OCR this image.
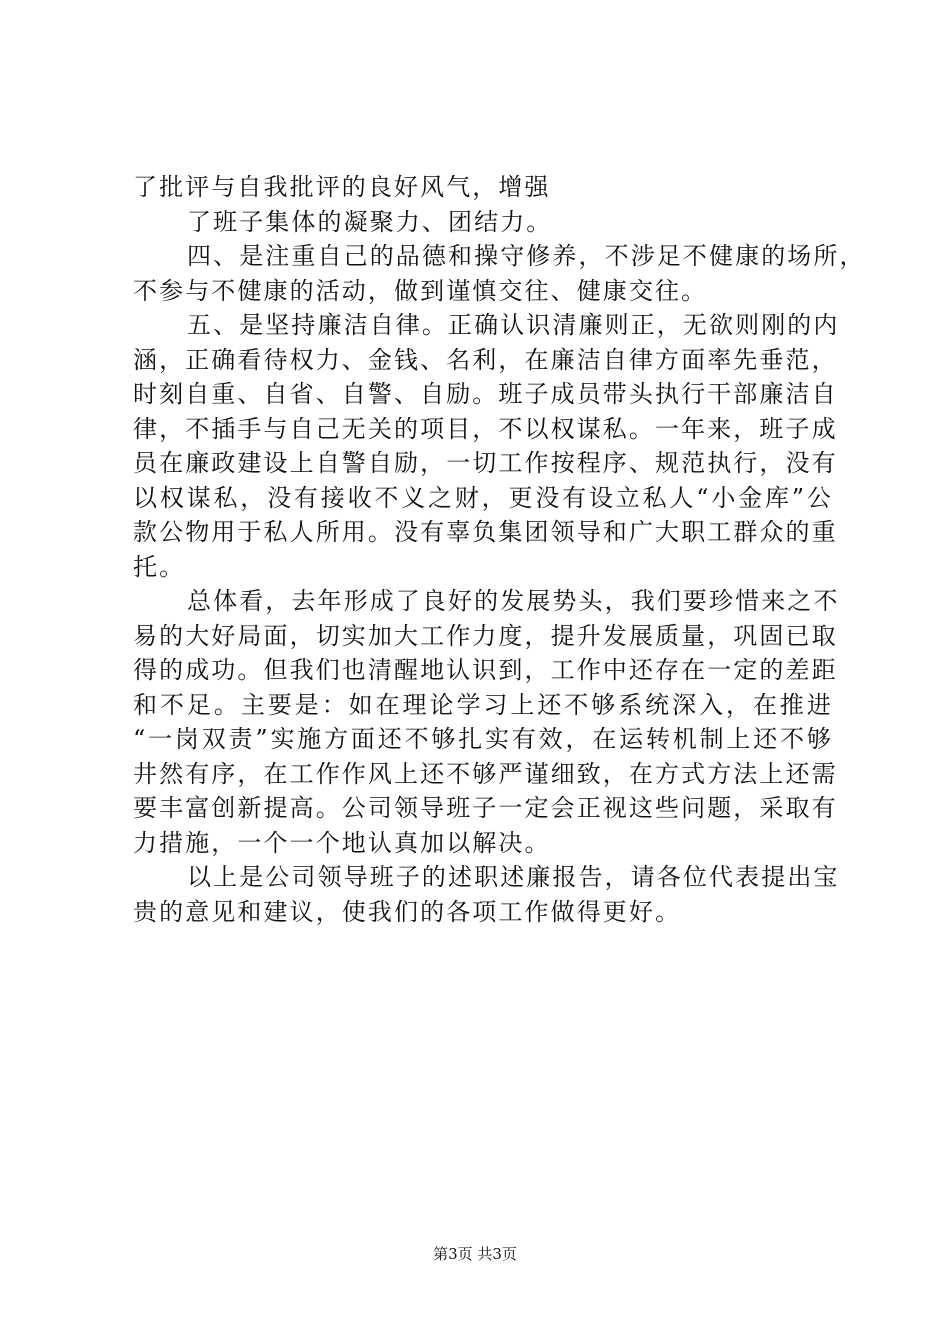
了批评与自我批评的良好风气，增强
了班子集体的凝聚力、团结力。
四、是注重自己的品德和操守修养，不涉足不健康的场所，
不参与不健康的活动，做到谨慎交往、健康交往。
五、是坚持廉洁自律。正确认识清廉则正，无欲则刚的内
涵，正确看待权力、金钱、名利，在廉洁自律方面率先垂范，
时刻自重、自省、自警、自励。班子成员带头执行干部廉洁自
律，不插手与自己无关的项目，不以权谋私。一年来，班子成
员在廉政建设上自警自励，一切工作按程序、规范执行，没有
以权谋私，没有接收不义之财，更没有设立私人“小金库”公
款公物用于私人所用。没有辜负集团领导和广大职工群众的重
托。
总体看，去年形成了良好的发展势头，我们要珍惜来之不
易的大好局面，切实加大工作力度，提升发展质量，巩固已取
得的成功。但我们也清醒地认识到，工作中还存在一定的差距
和不足。主要是：如在理论学习上还不够系统深入，在推进
“一岗双责”实施方面还不够扎实有效，在运转机制上还不够
井然有序，在工作作风上还不够严谨细致，在方式方法上还需
要丰富创新提高。公司领导班子一定会正视这些问题，采取有
力措施，一个一个地认真加以解决。
以上是公司领导班子的述职述廉报告，请各位代表提出宝
贵的意见和建议，使我们的各项工作做得更好。
第3页 共3页
